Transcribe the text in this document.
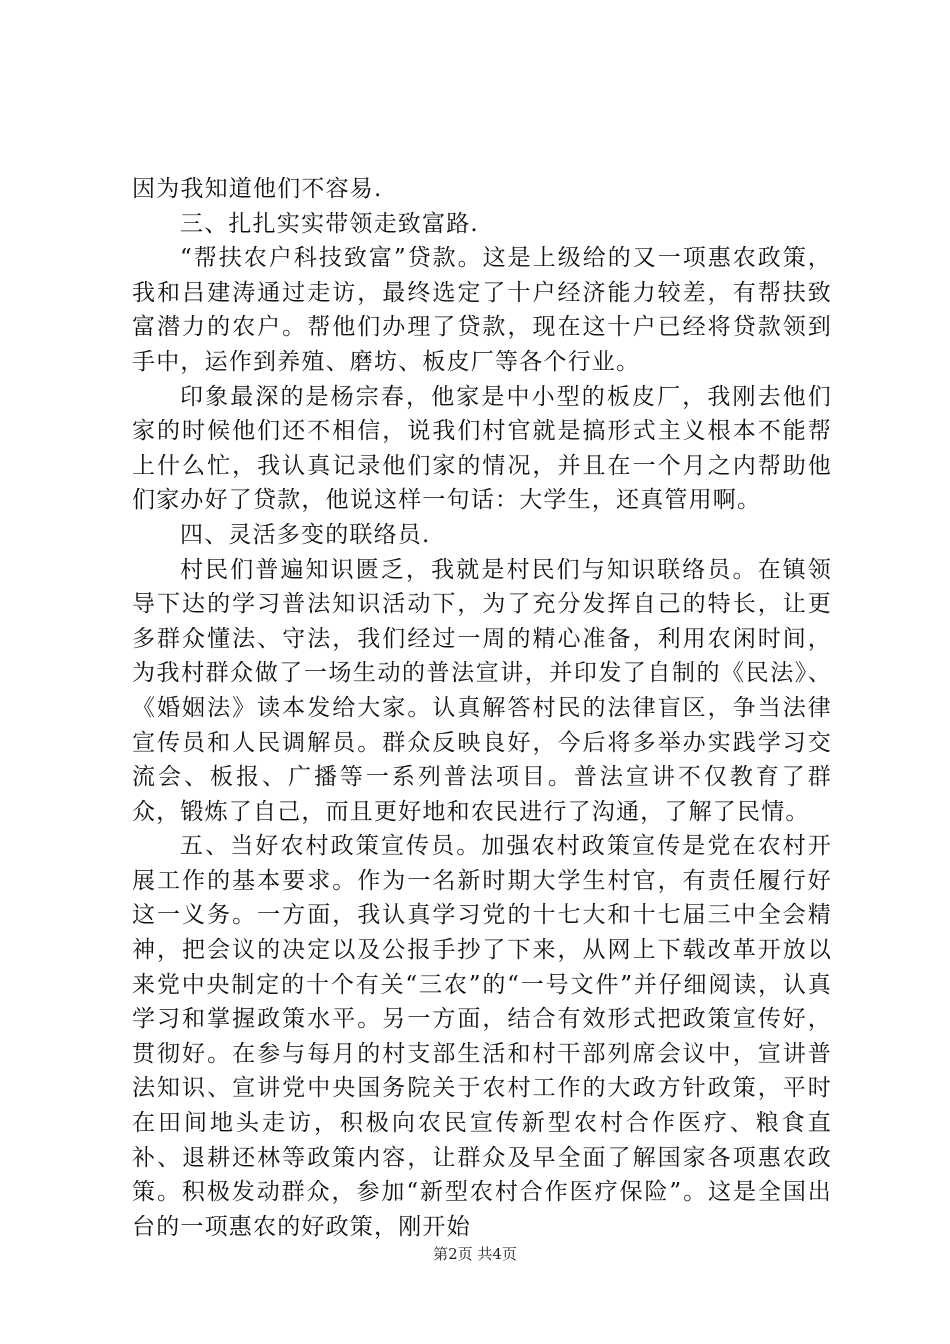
因为我知道他们不容易.

三、扎扎实实带领走致富路.

“帮扶农户科技致富”贷款。这是上级给的又一项惠农政策，我和吕建涛通过走访，最终选定了十户经济能力较差，有帮扶致富潜力的农户。帮他们办理了贷款，现在这十户已经将贷款领到手中，运作到养殖、磨坊、板皮厂等各个行业。

印象最深的是杨宗春，他家是中小型的板皮厂，我刚去他们家的时候他们还不相信，说我们村官就是搞形式主义根本不能帮上什么忙，我认真记录他们家的情况，并且在一个月之内帮助他们家办好了贷款，他说这样一句话：大学生，还真管用啊。

四、灵活多变的联络员.

村民们普遍知识匮乏，我就是村民们与知识联络员。在镇领导下达的学习普法知识活动下，为了充分发挥自己的特长，让更多群众懂法、守法，我们经过一周的精心准备，利用农闲时间，为我村群众做了一场生动的普法宣讲，并印发了自制的《民法》、《婚姻法》读本发给大家。认真解答村民的法律盲区，争当法律宣传员和人民调解员。群众反映良好，今后将多举办实践学习交流会、板报、广播等一系列普法项目。普法宣讲不仅教育了群众，锻炼了自己，而且更好地和农民进行了沟通，了解了民情。

五、当好农村政策宣传员。加强农村政策宣传是党在农村开展工作的基本要求。作为一名新时期大学生村官，有责任履行好这一义务。一方面，我认真学习党的十七大和十七届三中全会精神，把会议的决定以及公报手抄了下来，从网上下载改革开放以来党中央制定的十个有关“三农”的“一号文件”并仔细阅读，认真学习和掌握政策水平。另一方面，结合有效形式把政策宣传好，贯彻好。在参与每月的村支部生活和村干部列席会议中，宣讲普法知识、宣讲党中央国务院关于农村工作的大政方针政策，平时在田间地头走访，积极向农民宣传新型农村合作医疗、粮食直补、退耕还林等政策内容，让群众及早全面了解国家各项惠农政策。积极发动群众，参加“新型农村合作医疗保险”。这是全国出台的一项惠农的好政策，刚开始

第2页 共4页
